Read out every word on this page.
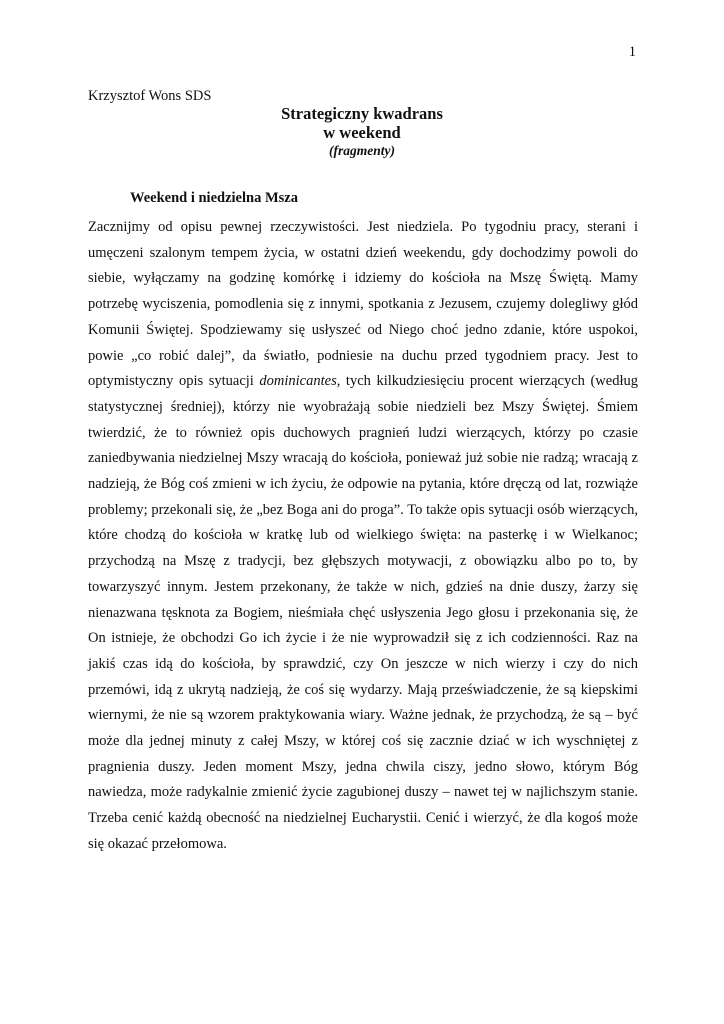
1
Krzysztof Wons SDS
Strategiczny kwadrans
w weekend
(fragmenty)
Weekend i niedzielna Msza

Zacznijmy od opisu pewnej rzeczywistości. Jest niedziela. Po tygodniu pracy, sterani i umęczeni szalonym tempem życia, w ostatni dzień weekendu, gdy dochodzimy powoli do siebie, wyłączamy na godzinę komórkę i idziemy do kościoła na Mszę Świętą. Mamy potrzebę wyciszenia, pomodlenia się z innymi, spotkania z Jezusem, czujemy dolegliwy głód Komunii Świętej. Spodziewamy się usłyszeć od Niego choć jedno zdanie, które uspokoi, powie „co robić dalej”, da światło, podniesie na duchu przed tygodniem pracy. Jest to optymistyczny opis sytuacji dominicantes, tych kilkudziesięciu procent wierzących (według statystycznej średniej), którzy nie wyobrażają sobie niedzieli bez Mszy Świętej. Śmiem twierdzić, że to również opis duchowych pragnień ludzi wierzących, którzy po czasie zaniedbywania niedzielnej Mszy wracają do kościoła, ponieważ już sobie nie radzą; wracają z nadzieją, że Bóg coś zmieni w ich życiu, że odpowie na pytania, które dręczą od lat, rozwiąże problemy; przekonali się, że „bez Boga ani do proga”. To także opis sytuacji osób wierzących, które chodzą do kościoła w kratkę lub od wielkiego święta: na pasterkę i w Wielkanoc; przychodzą na Mszę z tradycji, bez głębszych motywacji, z obowiązku albo po to, by towarzyszyć innym. Jestem przekonany, że także w nich, gdzieś na dnie duszy, żarzy się nienazwana tęsknota za Bogiem, nieśmiała chęć usłyszenia Jego głosu i przekonania się, że On istnieje, że obchodzi Go ich życie i że nie wyprowadził się z ich codzienności. Raz na jakiś czas idą do kościoła, by sprawdzić, czy On jeszcze w nich wierzy i czy do nich przemówi, idą z ukrytą nadzieją, że coś się wydarzy. Mają przeświadczenie, że są kiepskimi wiernymi, że nie są wzorem praktykowania wiary. Ważne jednak, że przychodzą, że są – być może dla jednej minuty z całej Mszy, w której coś się zacznie dziać w ich wyschniętej z pragnienia duszy. Jeden moment Mszy, jedna chwila ciszy, jedno słowo, którym Bóg nawiedza, może radykalnie zmienić życie zagubionej duszy – nawet tej w najlichszym stanie. Trzeba cenić każdą obecność na niedzielnej Eucharystii. Cenić i wierzyć, że dla kogoś może się okazać przełomowa.
